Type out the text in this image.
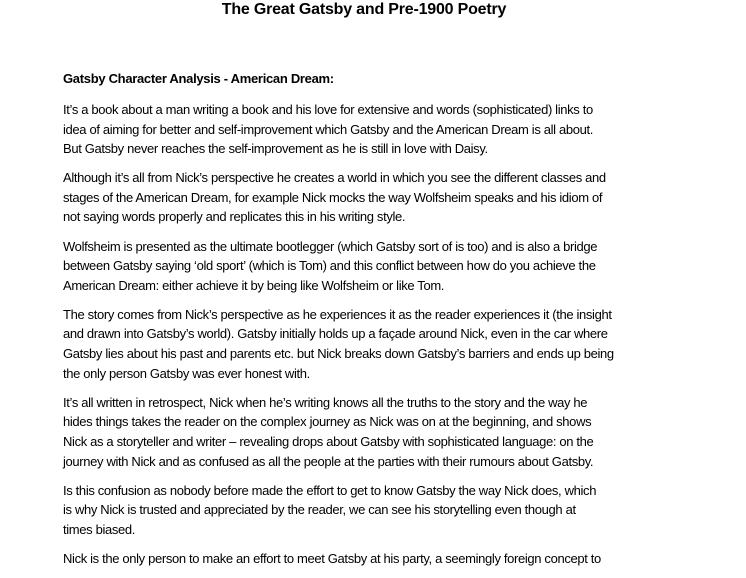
The Great Gatsby and Pre-1900 Poetry
Gatsby Character Analysis - American Dream:

It’s a book about a man writing a book and his love for extensive and words (sophisticated) links to
idea of aiming for better and self-improvement which Gatsby and the American Dream is all about.
But Gatsby never reaches the self-improvement as he is still in love with Daisy.

Although it’s all from Nick’s perspective he creates a world in which you see the different classes and
stages of the American Dream, for example Nick mocks the way Wolfsheim speaks and his idiom of
not saying words properly and replicates this in his writing style.

Wolfsheim is presented as the ultimate bootlegger (which Gatsby sort of is too) and is also a bridge
between Gatsby saying ‘old sport’ (which is Tom) and this conflict between how do you achieve the
American Dream: either achieve it by being like Wolfsheim or like Tom.

The story comes from Nick’s perspective as he experiences it as the reader experiences it (the insight
and drawn into Gatsby’s world). Gatsby initially holds up a façade around Nick, even in the car where
Gatsby lies about his past and parents etc. but Nick breaks down Gatsby’s barriers and ends up being
the only person Gatsby was ever honest with.

It’s all written in retrospect, Nick when he’s writing knows all the truths to the story and the way he
hides things takes the reader on the complex journey as Nick was on at the beginning, and shows
Nick as a storyteller and writer – revealing drops about Gatsby with sophisticated language: on the
journey with Nick and as confused as all the people at the parties with their rumours about Gatsby.

Is this confusion as nobody before made the effort to get to know Gatsby the way Nick does, which
is why Nick is trusted and appreciated by the reader, we can see his storytelling even though at
times biased.

Nick is the only person to make an effort to meet Gatsby at his party, a seemingly foreign concept to
